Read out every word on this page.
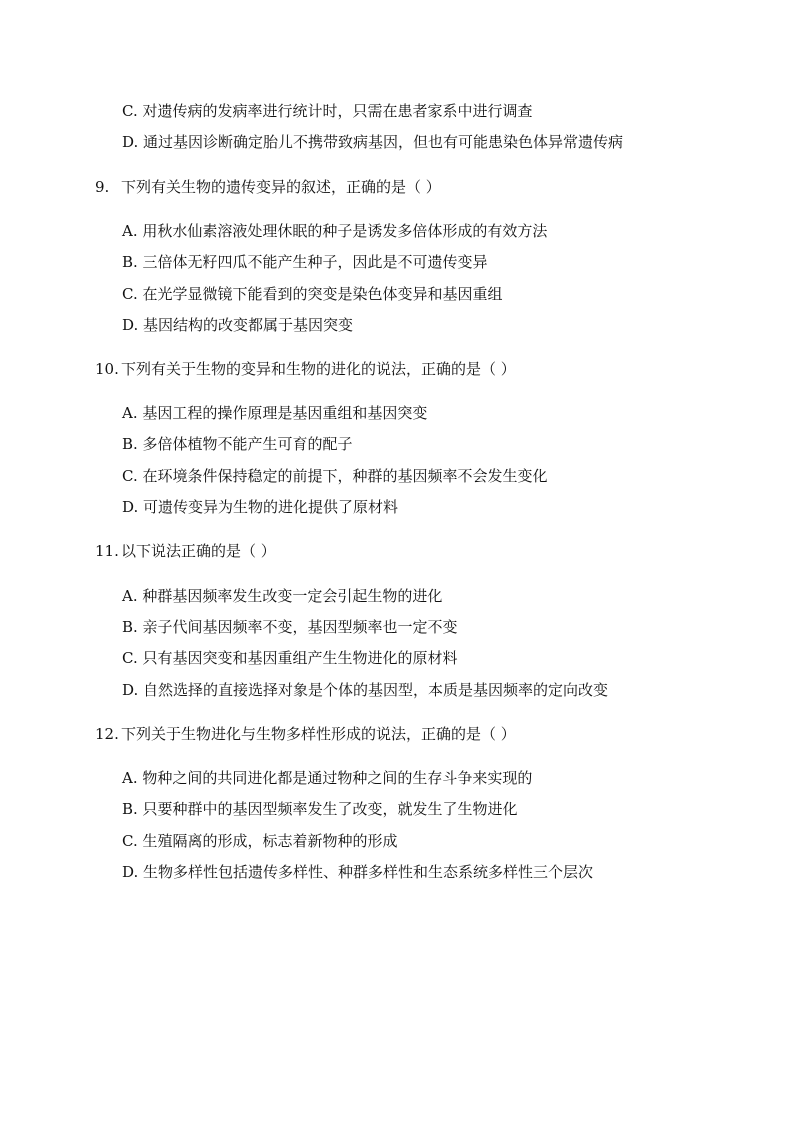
C. 对遗传病的发病率进行统计时，只需在患者家系中进行调查
D. 通过基因诊断确定胎儿不携带致病基因，但也有可能患染色体异常遗传病
9. 下列有关生物的遗传变异的叙述，正确的是（ ）
A. 用秋水仙素溶液处理休眠的种子是诱发多倍体形成的有效方法
B. 三倍体无籽四瓜不能产生种子，因此是不可遗传变异
C. 在光学显微镜下能看到的突变是染色体变异和基因重组
D. 基因结构的改变都属于基因突变
10. 下列有关于生物的变异和生物的进化的说法，正确的是（ ）
A. 基因工程的操作原理是基因重组和基因突变
B. 多倍体植物不能产生可育的配子
C. 在环境条件保持稳定的前提下，种群的基因频率不会发生变化
D. 可遗传变异为生物的进化提供了原材料
11. 以下说法正确的是（ ）
A. 种群基因频率发生改变一定会引起生物的进化
B. 亲子代间基因频率不变，基因型频率也一定不变
C. 只有基因突变和基因重组产生生物进化的原材料
D. 自然选择的直接选择对象是个体的基因型，本质是基因频率的定向改变
12. 下列关于生物进化与生物多样性形成的说法，正确的是（ ）
A. 物种之间的共同进化都是通过物种之间的生存斗争来实现的
B. 只要种群中的基因型频率发生了改变，就发生了生物进化
C. 生殖隔离的形成，标志着新物种的形成
D. 生物多样性包括遗传多样性、种群多样性和生态系统多样性三个层次
